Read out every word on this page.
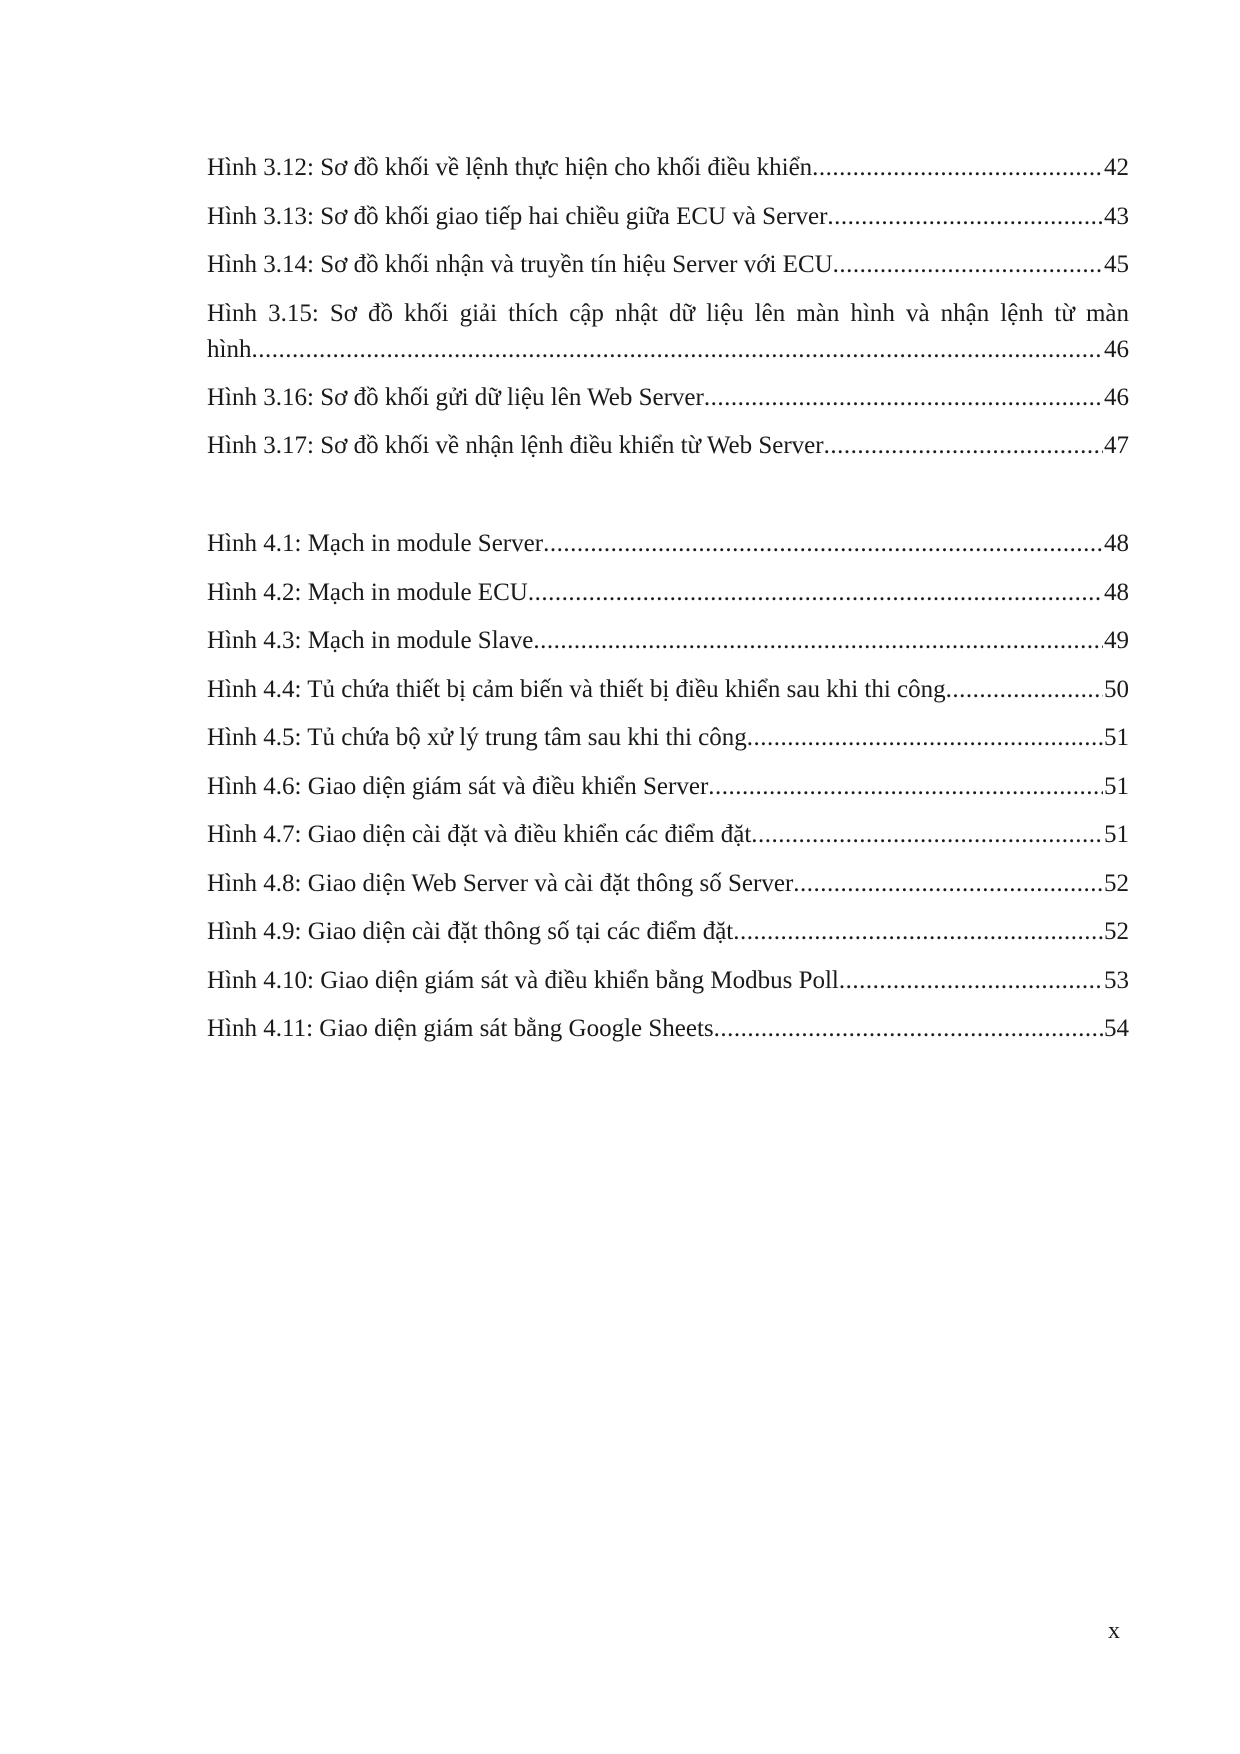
Hình 3.12: Sơ đồ khối về lệnh thực hiện cho khối điều khiển .....	42
Hình 3.13: Sơ đồ khối giao tiếp hai chiều giữa ECU và Server .....	43
Hình 3.14: Sơ đồ khối nhận và truyền tín hiệu Server với ECU .....	45
Hình 3.15: Sơ đồ khối giải thích cập nhật dữ liệu lên màn hình và nhận lệnh từ màn
hình .....	46
Hình 3.16: Sơ đồ khối gửi dữ liệu lên Web Server .....	46
Hình 3.17: Sơ đồ khối về nhận lệnh điều khiển từ Web Server .....	47
Hình 4.1: Mạch in module Server .....	48
Hình 4.2: Mạch in module ECU .....	48
Hình 4.3: Mạch in module Slave .....	49
Hình 4.4: Tủ chứa thiết bị cảm biến và thiết bị điều khiển sau khi thi công .....	50
Hình 4.5: Tủ chứa bộ xử lý trung tâm sau khi thi công .....	51
Hình 4.6: Giao diện giám sát và điều khiển Server .....	51
Hình 4.7: Giao diện cài đặt và điều khiển các điểm đặt .....	51
Hình 4.8: Giao diện Web Server và cài đặt thông số Server .....	52
Hình 4.9: Giao diện cài đặt thông số tại các điểm đặt .....	52
Hình 4.10: Giao diện giám sát và điều khiển bằng Modbus Poll .....	53
Hình 4.11: Giao diện giám sát bằng Google Sheets .....	54
x
